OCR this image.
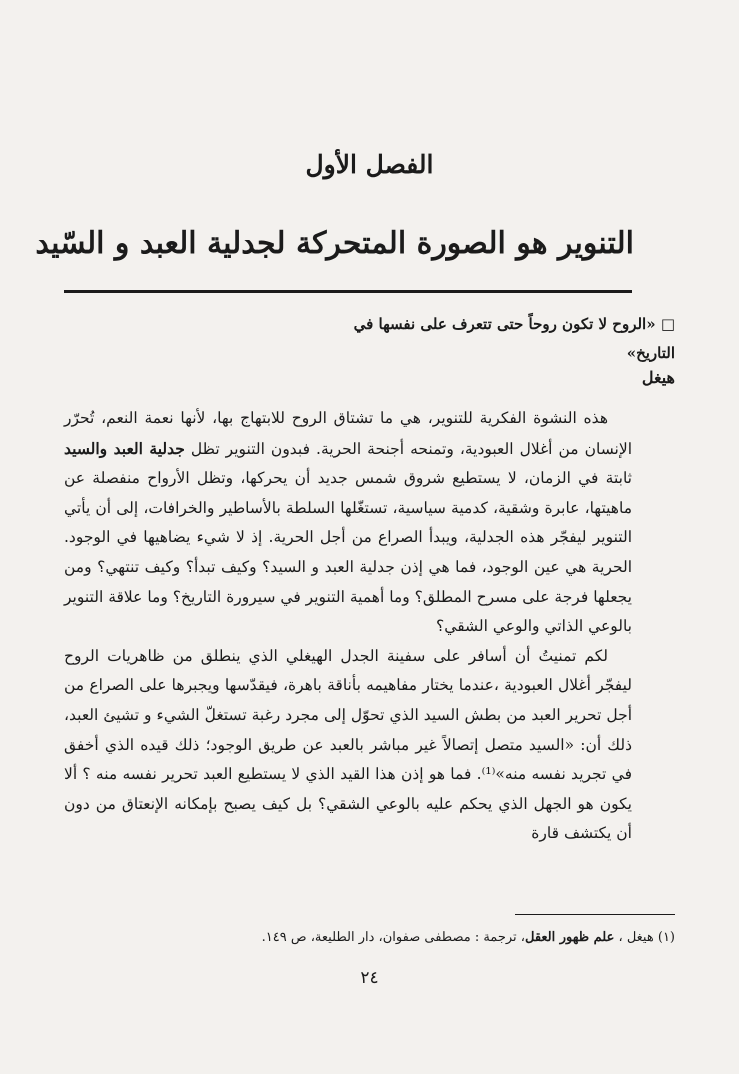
الفصل الأول
التنوير هو الصورة المتحركة لجدلية العبد و السّيد
□ «الروح لا تكون روحاً حتى تتعرف على نفسها في التاريخ»
هيغل

هذه النشوة الفكرية للتنوير، هي ما تشتاق الروح للابتهاج بها، لأنها نعمة النعم، تُحرّر الإنسان من أغلال العبودية، وتمنحه أجنحة الحرية. فبدون التنوير تظل جدلية العبد والسيد ثابتة في الزمان، لا يستطيع شروق شمس جديد أن يحركها، وتظل الأرواح منفصلة عن ماهيتها، عابرة وشقية، كدمية سياسية، تستغّلها السلطة بالأساطير والخرافات، إلى أن يأتي التنوير ليفجّر هذه الجدلية، ويبدأ الصراع من أجل الحرية. إذ لا شيء يضاهيها في الوجود. الحرية هي عين الوجود، فما هي إذن جدلية العبد و السيد؟ وكيف تبدأ؟ وكيف تنتهي؟ ومن يجعلها فرجة على مسرح المطلق؟ وما أهمية التنوير في سيرورة التاريخ؟ وما علاقة التنوير بالوعي الذاتي والوعي الشقي؟

لكم تمنيتُ أن أسافر على سفينة الجدل الهيغلي الذي ينطلق من ظاهريات الروح ليفجّر أغلال العبودية ،عندما يختار مفاهيمه بأناقة باهرة، فيقدّسها ويجبرها على الصراع من أجل تحرير العبد من بطش السيد الذي تحوّل إلى مجرد رغبة تستغلّ الشيء و تشيئ العبد، ذلك أن: «السيد متصل إتصالاً غير مباشر بالعبد عن طريق الوجود؛ ذلك قيده الذي أخفق في تجريد نفسه منه»⁽¹⁾. فما هو إذن هذا القيد الذي لا يستطيع العبد تحرير نفسه منه ؟ ألا يكون هو الجهل الذي يحكم عليه بالوعي الشقي؟ بل كيف يصبح بإمكانه الإنعتاق من دون أن يكتشف قارة

(١) هيغل ، علم ظهور العقل، ترجمة : مصطفى صفوان، دار الطليعة، ص ١٤٩.
٢٤
